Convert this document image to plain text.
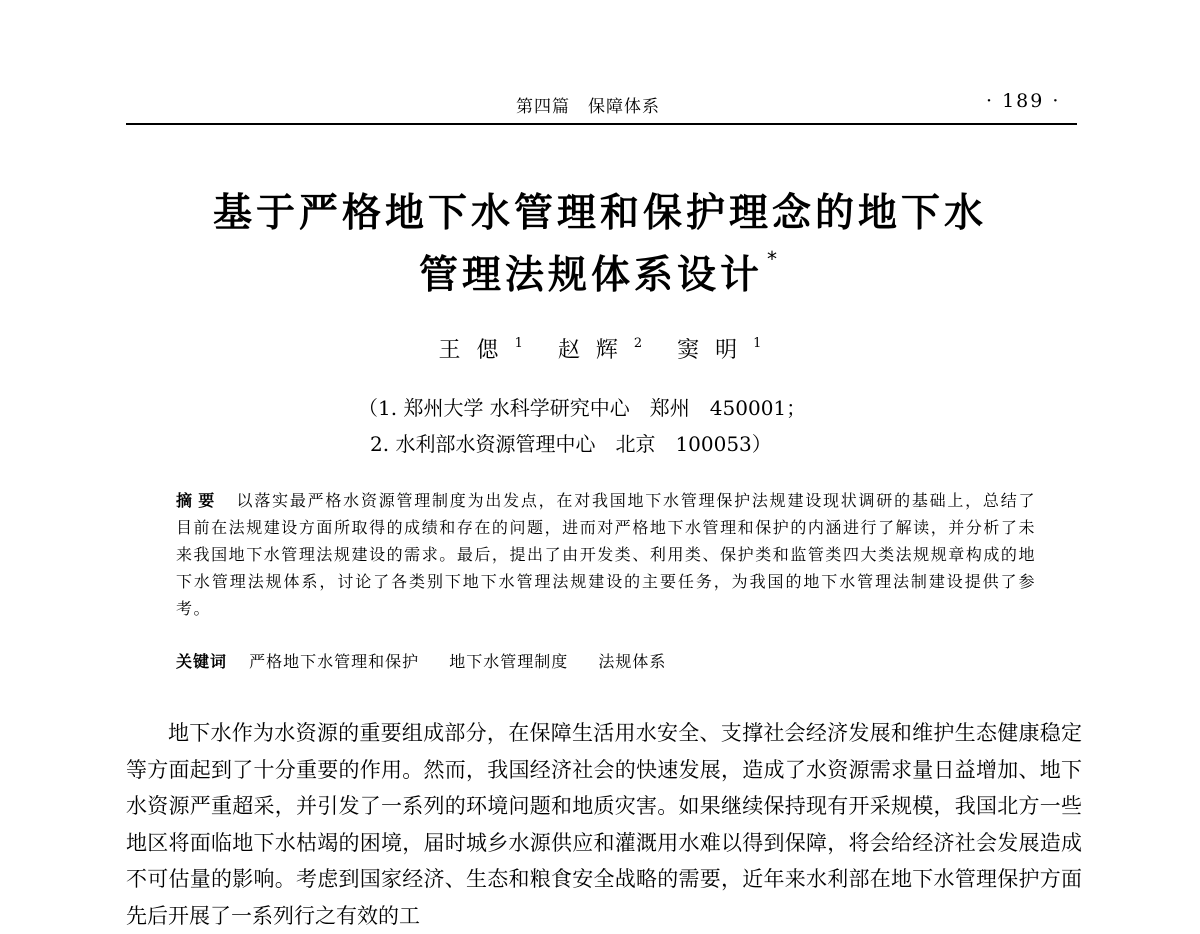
第四篇　保障体系	· 189 ·
基于严格地下水管理和保护理念的地下水
管理法规体系设计 *
王偲$^1$ 赵辉$^2$ 窦明$^1$
（1. 郑州大学 水科学研究中心　郑州　450001；
2. 水利部水资源管理中心　北京　100053）
摘要 以落实最严格水资源管理制度为出发点，在对我国地下水管理保护法规建设现状调研的基础上，总结了目前在法规建设方面所取得的成绩和存在的问题，进而对严格地下水管理和保护的内涵进行了解读，并分析了未来我国地下水管理法规建设的需求。最后，提出了由开发类、利用类、保护类和监管类四大类法规规章构成的地下水管理法规体系，讨论了各类别下地下水管理法规建设的主要任务，为我国的地下水管理法制建设提供了参考。
关键词 严格地下水管理和保护 地下水管理制度 法规体系
地下水作为水资源的重要组成部分，在保障生活用水安全、支撑社会经济发展和维护生态健康稳定等方面起到了十分重要的作用。然而，我国经济社会的快速发展，造成了水资源需求量日益增加、地下水资源严重超采，并引发了一系列的环境问题和地质灾害。如果继续保持现有开采规模，我国北方一些地区将面临地下水枯竭的困境，届时城乡水源供应和灌溉用水难以得到保障，将会给经济社会发展造成不可估量的影响。考虑到国家经济、生态和粮食安全战略的需要，近年来水利部在地下水管理保护方面先后开展了一系列行之有效的工
